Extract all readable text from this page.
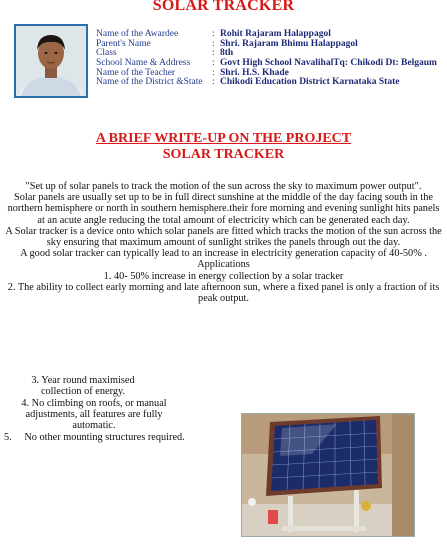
SOLAR TRACKER
Name of the Awardee	: Rohit Rajaram Halappagol
Parent's Name	: Shri. Rajaram Bhimu Halappagol
Class	: 8th
School Name & Address : Govt High School NavalihalTq: Chikodi Dt: Belgaum
Name of the Teacher	: Shri. H.S. Khade
Name of the District &State : Chikodi Education District Karnataka State
A BRIEF WRITE-UP ON THE PROJECT
SOLAR TRACKER

"Set up of solar panels to track the motion of the sun across the sky to maximum power output".

Solar panels are usually set up to be in full direct sunshine at the middle of the day facing south in the northern hemisphere or north in southern hemisphere.their fore morning and evening sunlight hits panels at an acute angle reducing the total amount of electricity which can be generated each day.

A Solar tracker is a device onto which solar panels are fitted which tracks the motion of the sun across the sky ensuring that maximum amount of sunlight strikes the panels through out the day.

A good solar tracker can typically lead to an increase in electricity generation capacity of 40-50% .

Applications

1. 40- 50% increase in energy collection by a solar tracker

2. The ability to collect early morning and late afternoon sun, where a fixed panel is only a fraction of its peak output.

3. Year round maximised collection of energy.
4. No climbing on roofs, or manual adjustments, all features are fully automatic.
5. No other mounting structures required.
